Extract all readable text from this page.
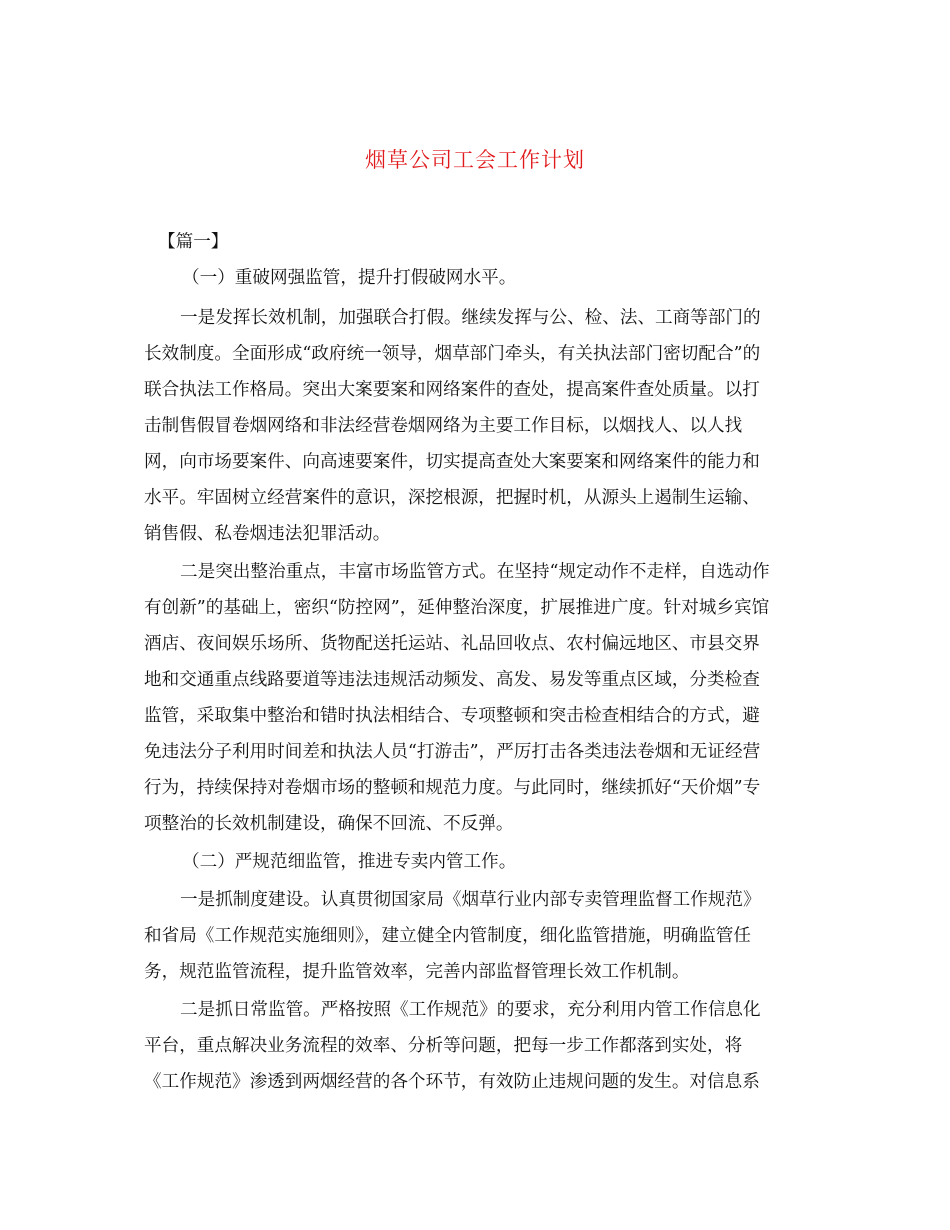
烟草公司工会工作计划
【篇一】
（一）重破网强监管，提升打假破网水平。
一是发挥长效机制，加强联合打假。继续发挥与公、检、法、工商等部门的
长效制度。全面形成“政府统一领导，烟草部门牵头，有关执法部门密切配合”的
联合执法工作格局。突出大案要案和网络案件的查处，提高案件查处质量。以打
击制售假冒卷烟网络和非法经营卷烟网络为主要工作目标，以烟找人、以人找
网，向市场要案件、向高速要案件，切实提高查处大案要案和网络案件的能力和
水平。牢固树立经营案件的意识，深挖根源，把握时机，从源头上遏制生运输、
销售假、私卷烟违法犯罪活动。
二是突出整治重点，丰富市场监管方式。在坚持“规定动作不走样，自选动作
有创新”的基础上，密织“防控网”，延伸整治深度，扩展推进广度。针对城乡宾馆
酒店、夜间娱乐场所、货物配送托运站、礼品回收点、农村偏远地区、市县交界
地和交通重点线路要道等违法违规活动频发、高发、易发等重点区域，分类检查
监管，采取集中整治和错时执法相结合、专项整顿和突击检查相结合的方式，避
免违法分子利用时间差和执法人员“打游击”，严厉打击各类违法卷烟和无证经营
行为，持续保持对卷烟市场的整顿和规范力度。与此同时，继续抓好“天价烟”专
项整治的长效机制建设，确保不回流、不反弹。
（二）严规范细监管，推进专卖内管工作。
一是抓制度建设。认真贯彻国家局《烟草行业内部专卖管理监督工作规范》
和省局《工作规范实施细则》，建立健全内管制度，细化监管措施，明确监管任
务，规范监管流程，提升监管效率，完善内部监督管理长效工作机制。
二是抓日常监管。严格按照《工作规范》的要求，充分利用内管工作信息化
平台，重点解决业务流程的效率、分析等问题，把每一步工作都落到实处，将
《工作规范》渗透到两烟经营的各个环节，有效防止违规问题的发生。对信息系
